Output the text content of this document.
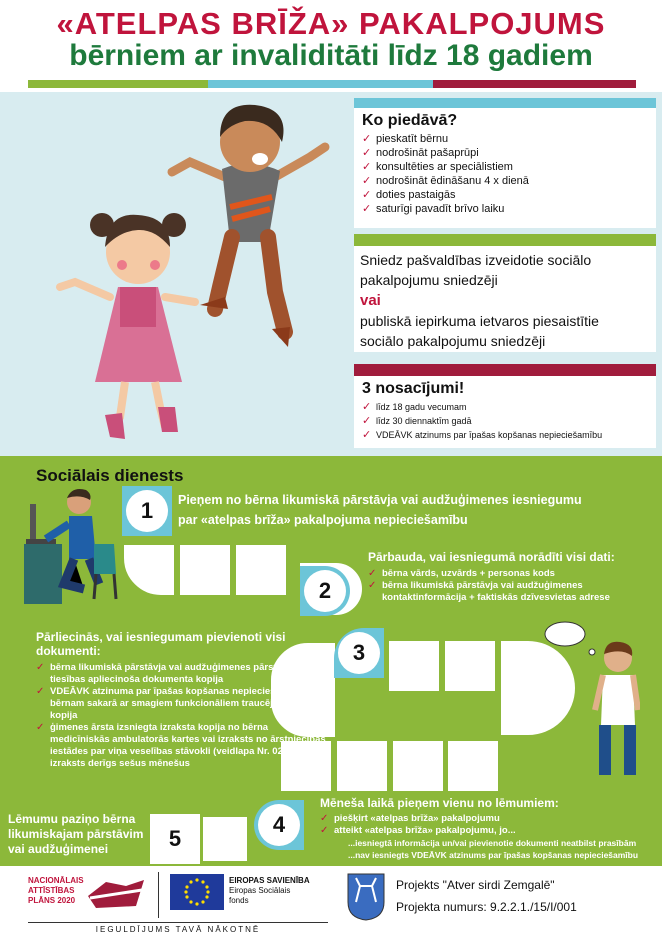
«ATELPAS BRĪŽA» PAKALPOJUMS
bērniem ar invaliditāti līdz 18 gadiem
Ko piedāvā?
✓ pieskatīt bērnu
✓ nodrošināt pašaprūpi
✓ konsultēties ar speciālistiem
✓ nodrošināt ēdināšanu 4 x dienā
✓ doties pastaigās
✓ saturīgi pavadīt brīvo laiku
Sniedz pašvaldības izveidotie sociālo
pakalpojumu sniedzēji
vai
publiskā iepirkuma ietvaros piesaistītie
sociālo pakalpojumu sniedzēji
3 nosacījumi!
✓ līdz 18 gadu vecumam
✓ līdz 30 diennaktīm gadā
✓ VDEĀVK atzinums par īpašas kopšanas nepieciešamību
Sociālais dienests
1
2
3
4
5
Pieņem no bērna likumiskā pārstāvja vai audžuģimenes iesniegumu
par «atelpas brīža» pakalpojuma nepieciešamību
Pārbauda, vai iesniegumā norādīti visi dati:
✓ bērna vārds, uzvārds + personas kods
✓ bērna likumiskā pārstāvja vai audžuģimenes kontaktinformācija + faktiskās dzīvesvietas adrese
Pārliecinās, vai iesniegumam pievienoti visi
dokumenti:
✓ bērna likumiskā pārstāvja vai audžuģimenes pārstāvības tiesības apliecinoša dokumenta kopija
✓ VDEĀVK atzinuma par īpašas kopšanas nepieciešamību bērnam sakarā ar smagiem funkcionāliem traucējumiem kopija
✓ ģimenes ārsta izsniegta izraksta kopija no bērna medicīniskās ambulatorās kartes vai izraksts no ārstniecības iestādes par viņa veselības stāvokli (veidlapa Nr. 027/u); izraksts derīgs sešus mēnešus
Mēneša laikā pieņem vienu no lēmumiem:
✓ piešķirt «atelpas brīža» pakalpojumu
✓ atteikt «atelpas brīža» pakalpojumu, jo...
...iesniegtā informācija un/vai pievienotie dokumenti neatbilst prasībām
...nav iesniegts VDEĀVK atzinums par īpašas kopšanas nepieciešamību
Lēmumu paziņo bērna
likumiskajam pārstāvim
vai audžuģimenei
NACIONĀLAIS
ATTĪSTĪBAS
PLĀNS 2020
EIROPAS SAVIENĪBA
Eiropas Sociālais
fonds
IEGULDĪJUMS TAVĀ NĀKOTNĒ
Projekts "Atver sirdi Zemgalē"
Projekta numurs: 9.2.2.1./15/I/001
